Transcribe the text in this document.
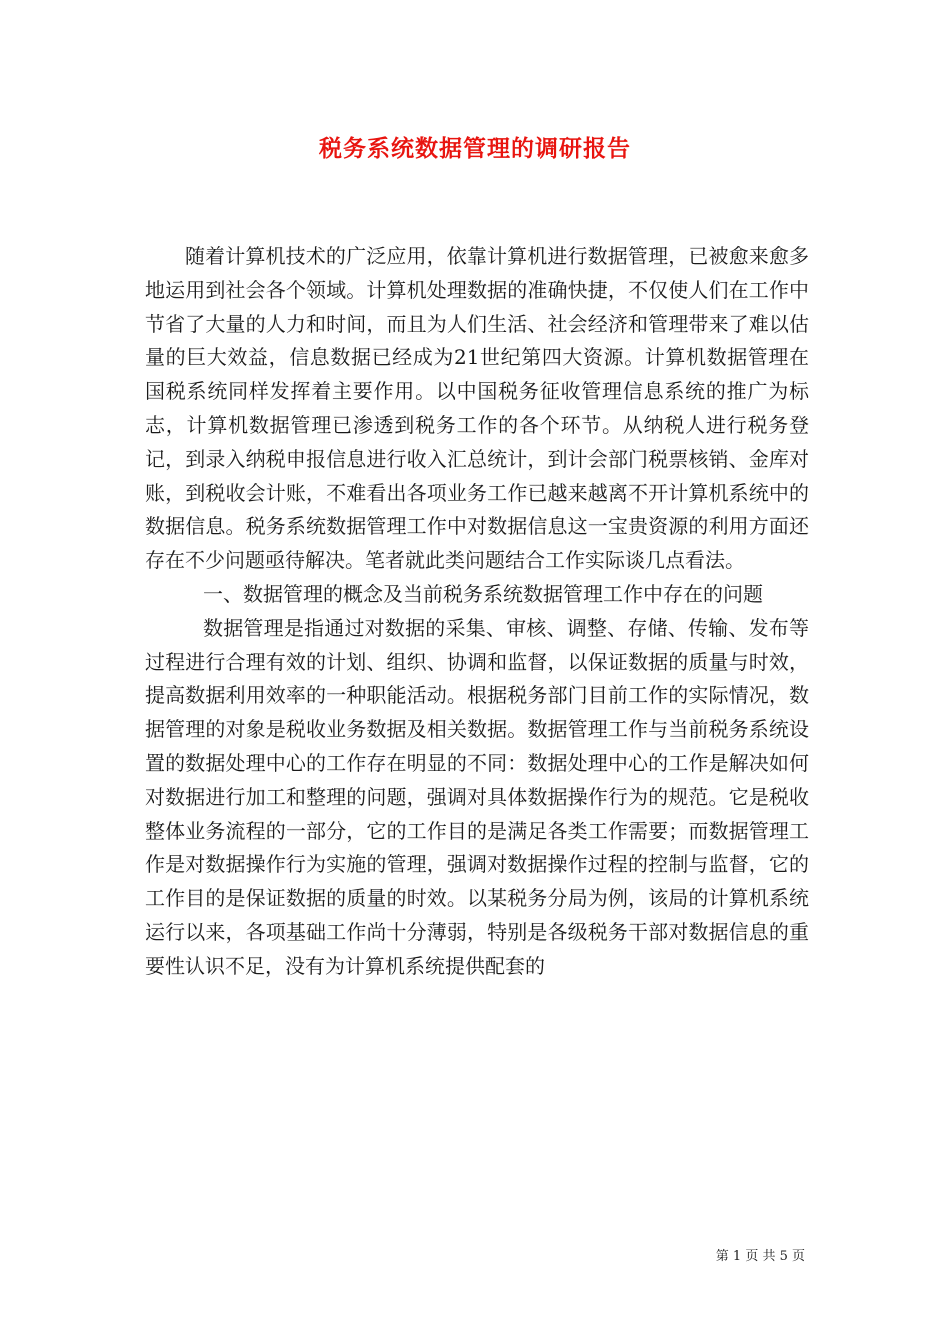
税务系统数据管理的调研报告

随着计算机技术的广泛应用，依靠计算机进行数据管理，已被愈来愈多地运用到社会各个领域。计算机处理数据的准确快捷，不仅使人们在工作中节省了大量的人力和时间，而且为人们生活、社会经济和管理带来了难以估量的巨大效益，信息数据已经成为21世纪第四大资源。计算机数据管理在国税系统同样发挥着主要作用。以中国税务征收管理信息系统的推广为标志，计算机数据管理已渗透到税务工作的各个环节。从纳税人进行税务登记，到录入纳税申报信息进行收入汇总统计，到计会部门税票核销、金库对账，到税收会计账，不难看出各项业务工作已越来越离不开计算机系统中的数据信息。税务系统数据管理工作中对数据信息这一宝贵资源的利用方面还存在不少问题亟待解决。笔者就此类问题结合工作实际谈几点看法。

一、数据管理的概念及当前税务系统数据管理工作中存在的问题

数据管理是指通过对数据的采集、审核、调整、存储、传输、发布等过程进行合理有效的计划、组织、协调和监督，以保证数据的质量与时效，提高数据利用效率的一种职能活动。根据税务部门目前工作的实际情况，数据管理的对象是税收业务数据及相关数据。数据管理工作与当前税务系统设置的数据处理中心的工作存在明显的不同：数据处理中心的工作是解决如何对数据进行加工和整理的问题，强调对具体数据操作行为的规范。它是税收整体业务流程的一部分，它的工作目的是满足各类工作需要；而数据管理工作是对数据操作行为实施的管理，强调对数据操作过程的控制与监督，它的工作目的是保证数据的质量的时效。以某税务分局为例，该局的计算机系统运行以来，各项基础工作尚十分薄弱，特别是各级税务干部对数据信息的重要性认识不足，没有为计算机系统提供配套的

第 1 页 共 5 页
